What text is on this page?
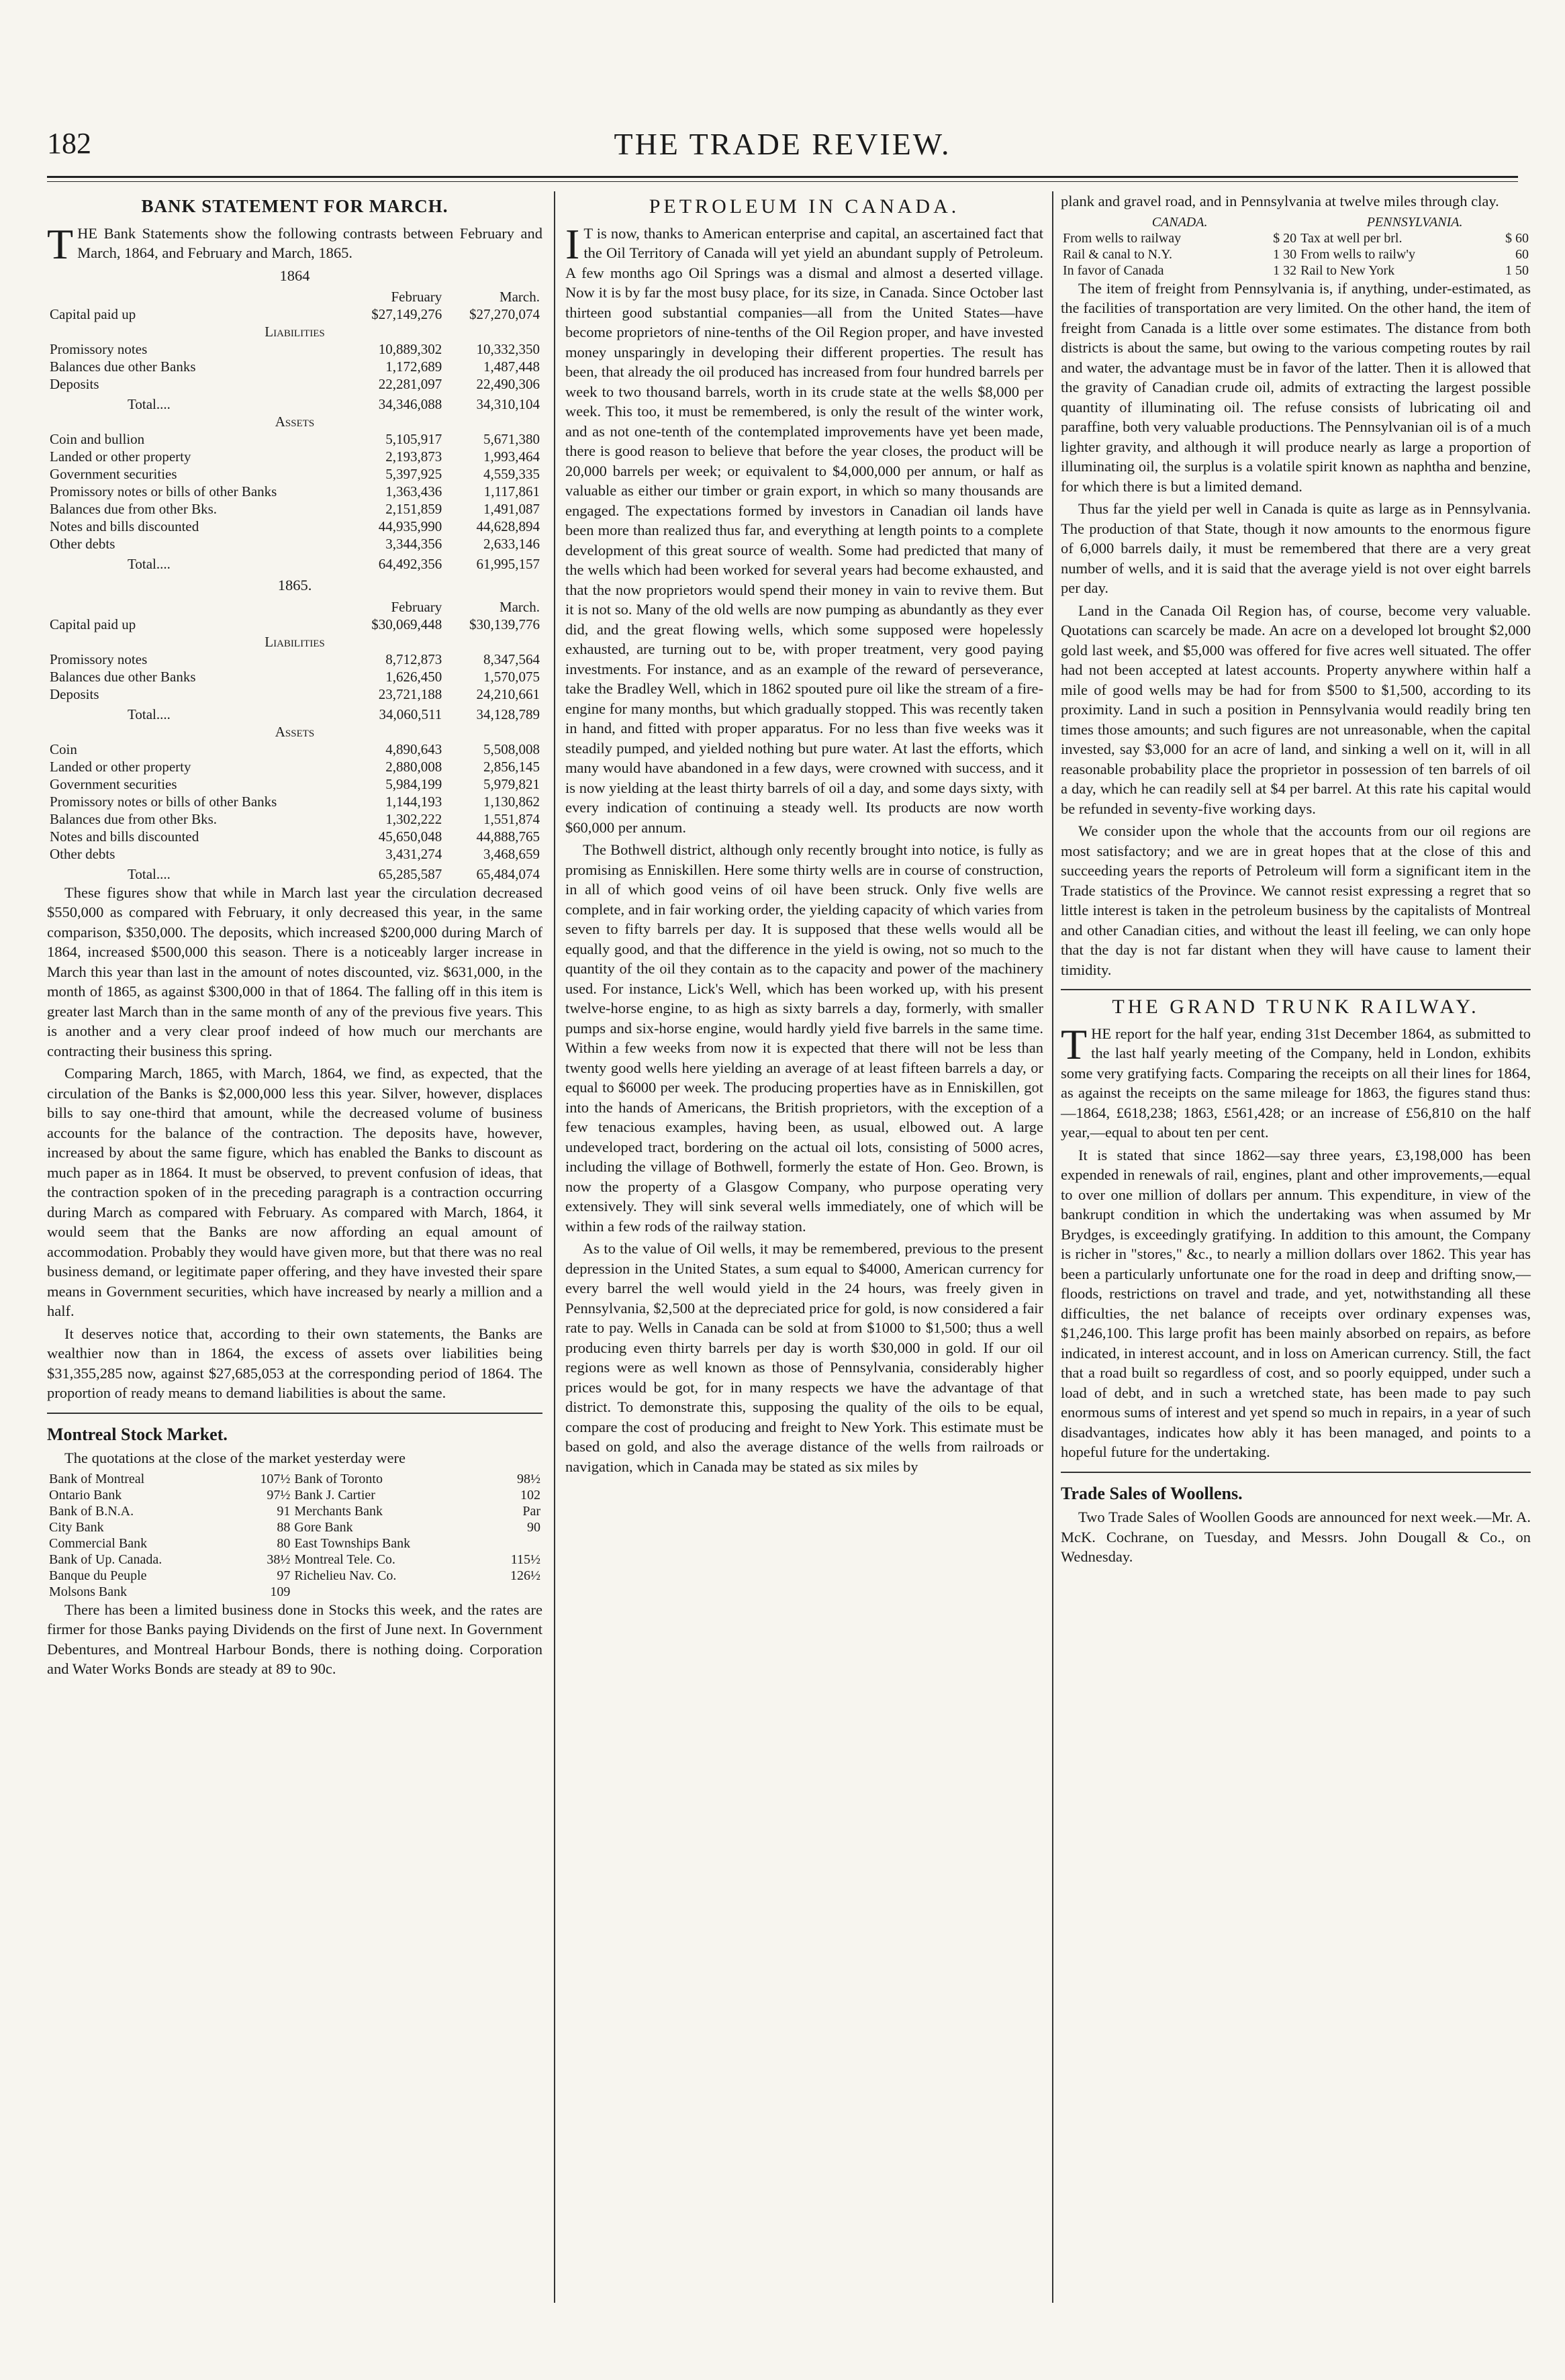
182	THE TRADE REVIEW.
BANK STATEMENT FOR MARCH.

THE Bank Statements show the following contrasts between February and March, 1864, and February and March, 1865.

1864
	February	March.
Capital paid up	$27,149,276	$27,270,074
Liabilities		
Promissory notes	10,889,302	10,332,350
Balances due other Banks	1,172,689	1,487,448
Deposits	22,281,097	22,490,306
Total....	34,346,088	34,310,104
Assets		
Coin and bullion	5,105,917	5,671,380
Landed or other property	2,193,873	1,993,464
Government securities	5,397,925	4,559,335
Promissory notes or bills of other Banks	1,363,436	1,117,861
Balances due from other Bks.	2,151,859	1,491,087
Notes and bills discounted	44,935,990	44,628,894
Other debts	3,344,356	2,633,146
Total....	64,492,356	61,995,157
1865.
	February	March.
Capital paid up	$30,069,448	$30,139,776
Liabilities		
Promissory notes	8,712,873	8,347,564
Balances due other Banks	1,626,450	1,570,075
Deposits	23,721,188	24,210,661
Total....	34,060,511	34,128,789
Assets		
Coin	4,890,643	5,508,008
Landed or other property	2,880,008	2,856,145
Government securities	5,984,199	5,979,821
Promissory notes or bills of other Banks	1,144,193	1,130,862
Balances due from other Bks.	1,302,222	1,551,874
Notes and bills discounted	45,650,048	44,888,765
Other debts	3,431,274	3,468,659
Total....	65,285,587	65,484,074

These figures show that while in March last year the circulation decreased $550,000 as compared with February, it only decreased this year, in the same comparison, $350,000. The deposits, which increased $200,000 during March of 1864, increased $500,000 this season. There is a noticeably larger increase in March this year than last in the amount of notes discounted, viz. $631,000, in the month of 1865, as against $300,000 in that of 1864. The falling off in this item is greater last March than in the same month of any of the previous five years. This is another and a very clear proof indeed of how much our merchants are contracting their business this spring.

Comparing March, 1865, with March, 1864, we find, as expected, that the circulation of the Banks is $2,000,000 less this year. Silver, however, displaces bills to say one-third that amount, while the decreased volume of business accounts for the balance of the contraction. The deposits have, however, increased by about the same figure, which has enabled the Banks to discount as much paper as in 1864. It must be observed, to prevent confusion of ideas, that the contraction spoken of in the preceding paragraph is a contraction occurring during March as compared with February. As compared with March, 1864, it would seem that the Banks are now affording an equal amount of accommodation. Probably they would have given more, but that there was no real business demand, or legitimate paper offering, and they have invested their spare means in Government securities, which have increased by nearly a million and a half.

It deserves notice that, according to their own statements, the Banks are wealthier now than in 1864, the excess of assets over liabilities being $31,355,285 now, against $27,685,053 at the corresponding period of 1864. The proportion of ready means to demand liabilities is about the same.

Montreal Stock Market.

The quotations at the close of the market yesterday were

Bank of Montreal	107½	Bank of Toronto	98½
Ontario Bank	97½	Bank J. Cartier	102
Bank of B.N.A.	91	Merchants Bank	Par
City Bank	88	Gore Bank	90
Commercial Bank	80	East Townships Bank	
Bank of Up. Canada.	38½	Montreal Tele. Co.	115½
Banque du Peuple	97	Richelieu Nav. Co.	126½
Molsons Bank	109		

There has been a limited business done in Stocks this week, and the rates are firmer for those Banks paying Dividends on the first of June next. In Government Debentures, and Montreal Harbour Bonds, there is nothing doing. Corporation and Water Works Bonds are steady at 89 to 90c.

PETROLEUM IN CANADA.

I T is now, thanks to American enterprise and capital, an ascertained fact that the Oil Territory of Canada will yet yield an abundant supply of Petroleum. A few months ago Oil Springs was a dismal and almost a deserted village. Now it is by far the most busy place, for its size, in Canada. Since October last thirteen good substantial companies—all from the United States—have become proprietors of nine-tenths of the Oil Region proper, and have invested money unsparingly in developing their different properties. The result has been, that already the oil produced has increased from four hundred barrels per week to two thousand barrels, worth in its crude state at the wells $8,000 per week. This too, it must be remembered, is only the result of the winter work, and as not one-tenth of the contemplated improvements have yet been made, there is good reason to believe that before the year closes, the product will be 20,000 barrels per week; or equivalent to $4,000,000 per annum, or half as valuable as either our timber or grain export, in which so many thousands are engaged. The expectations formed by investors in Canadian oil lands have been more than realized thus far, and everything at length points to a complete development of this great source of wealth. Some had predicted that many of the wells which had been worked for several years had become exhausted, and that the now proprietors would spend their money in vain to revive them. But it is not so. Many of the old wells are now pumping as abundantly as they ever did, and the great flowing wells, which some supposed were hopelessly exhausted, are turning out to be, with proper treatment, very good paying investments. For instance, and as an example of the reward of perseverance, take the Bradley Well, which in 1862 spouted pure oil like the stream of a fire-engine for many months, but which gradually stopped. This was recently taken in hand, and fitted with proper apparatus. For no less than five weeks was it steadily pumped, and yielded nothing but pure water. At last the efforts, which many would have abandoned in a few days, were crowned with success, and it is now yielding at the least thirty barrels of oil a day, and some days sixty, with every indication of continuing a steady well. Its products are now worth $60,000 per annum.

The Bothwell district, although only recently brought into notice, is fully as promising as Enniskillen. Here some thirty wells are in course of construction, in all of which good veins of oil have been struck. Only five wells are complete, and in fair working order, the yielding capacity of which varies from seven to fifty barrels per day. It is supposed that these wells would all be equally good, and that the difference in the yield is owing, not so much to the quantity of the oil they contain as to the capacity and power of the machinery used. For instance, Lick's Well, which has been worked up, with his present twelve-horse engine, to as high as sixty barrels a day, formerly, with smaller pumps and six-horse engine, would hardly yield five barrels in the same time. Within a few weeks from now it is expected that there will not be less than twenty good wells here yielding an average of at least fifteen barrels a day, or equal to $6000 per week. The producing properties have as in Enniskillen, got into the hands of Americans, the British proprietors, with the exception of a few tenacious examples, having been, as usual, elbowed out. A large undeveloped tract, bordering on the actual oil lots, consisting of 5000 acres, including the village of Bothwell, formerly the estate of Hon. Geo. Brown, is now the property of a Glasgow Company, who purpose operating very extensively. They will sink several wells immediately, one of which will be within a few rods of the railway station.

As to the value of Oil wells, it may be remembered, previous to the present depression in the United States, a sum equal to $4000, American currency for every barrel the well would yield in the 24 hours, was freely given in Pennsylvania, $2,500 at the depreciated price for gold, is now considered a fair rate to pay. Wells in Canada can be sold at from $1000 to $1,500; thus a well producing even thirty barrels per day is worth $30,000 in gold. If our oil regions were as well known as those of Pennsylvania, considerably higher prices would be got, for in many respects we have the advantage of that district. To demonstrate this, supposing the quality of the oils to be equal, compare the cost of producing and freight to New York. This estimate must be based on gold, and also the average distance of the wells from railroads or navigation, which in Canada may be stated as six miles by

plank and gravel road, and in Pennsylvania at twelve miles through clay.

CANADA.		PENNSYLVANIA.	
From wells to railway	$ 20	Tax at well per brl.	$ 60
Rail & canal to N.Y.	1 30	From wells to railw'y	60
In favor of Canada	1 32	Rail to New York	1 50

The item of freight from Pennsylvania is, if anything, under-estimated, as the facilities of transportation are very limited. On the other hand, the item of freight from Canada is a little over some estimates. The distance from both districts is about the same, but owing to the various competing routes by rail and water, the advantage must be in favor of the latter. Then it is allowed that the gravity of Canadian crude oil, admits of extracting the largest possible quantity of illuminating oil. The refuse consists of lubricating oil and paraffine, both very valuable productions. The Pennsylvanian oil is of a much lighter gravity, and although it will produce nearly as large a proportion of illuminating oil, the surplus is a volatile spirit known as naphtha and benzine, for which there is but a limited demand.

Thus far the yield per well in Canada is quite as large as in Pennsylvania. The production of that State, though it now amounts to the enormous figure of 6,000 barrels daily, it must be remembered that there are a very great number of wells, and it is said that the average yield is not over eight barrels per day.

Land in the Canada Oil Region has, of course, become very valuable. Quotations can scarcely be made. An acre on a developed lot brought $2,000 gold last week, and $5,000 was offered for five acres well situated. The offer had not been accepted at latest accounts. Property anywhere within half a mile of good wells may be had for from $500 to $1,500, according to its proximity. Land in such a position in Pennsylvania would readily bring ten times those amounts; and such figures are not unreasonable, when the capital invested, say $3,000 for an acre of land, and sinking a well on it, will in all reasonable probability place the proprietor in possession of ten barrels of oil a day, which he can readily sell at $4 per barrel. At this rate his capital would be refunded in seventy-five working days.

We consider upon the whole that the accounts from our oil regions are most satisfactory; and we are in great hopes that at the close of this and succeeding years the reports of Petroleum will form a significant item in the Trade statistics of the Province. We cannot resist expressing a regret that so little interest is taken in the petroleum business by the capitalists of Montreal and other Canadian cities, and without the least ill feeling, we can only hope that the day is not far distant when they will have cause to lament their timidity.

THE GRAND TRUNK RAILWAY.

THE report for the half year, ending 31st December 1864, as submitted to the last half yearly meeting of the Company, held in London, exhibits some very gratifying facts. Comparing the receipts on all their lines for 1864, as against the receipts on the same mileage for 1863, the figures stand thus:—1864, £618,238; 1863, £561,428; or an increase of £56,810 on the half year,—equal to about ten per cent.

It is stated that since 1862—say three years, £3,198,000 has been expended in renewals of rail, engines, plant and other improvements,—equal to over one million of dollars per annum. This expenditure, in view of the bankrupt condition in which the undertaking was when assumed by Mr Brydges, is exceedingly gratifying. In addition to this amount, the Company is richer in "stores," &c., to nearly a million dollars over 1862. This year has been a particularly unfortunate one for the road in deep and drifting snow,—floods, restrictions on travel and trade, and yet, notwithstanding all these difficulties, the net balance of receipts over ordinary expenses was, $1,246,100. This large profit has been mainly absorbed on repairs, as before indicated, in interest account, and in loss on American currency. Still, the fact that a road built so regardless of cost, and so poorly equipped, under such a load of debt, and in such a wretched state, has been made to pay such enormous sums of interest and yet spend so much in repairs, in a year of such disadvantages, indicates how ably it has been managed, and points to a hopeful future for the undertaking.

Trade Sales of Woollens.

Two Trade Sales of Woollen Goods are announced for next week.—Mr. A. McK. Cochrane, on Tuesday, and Messrs. John Dougall & Co., on Wednesday.
